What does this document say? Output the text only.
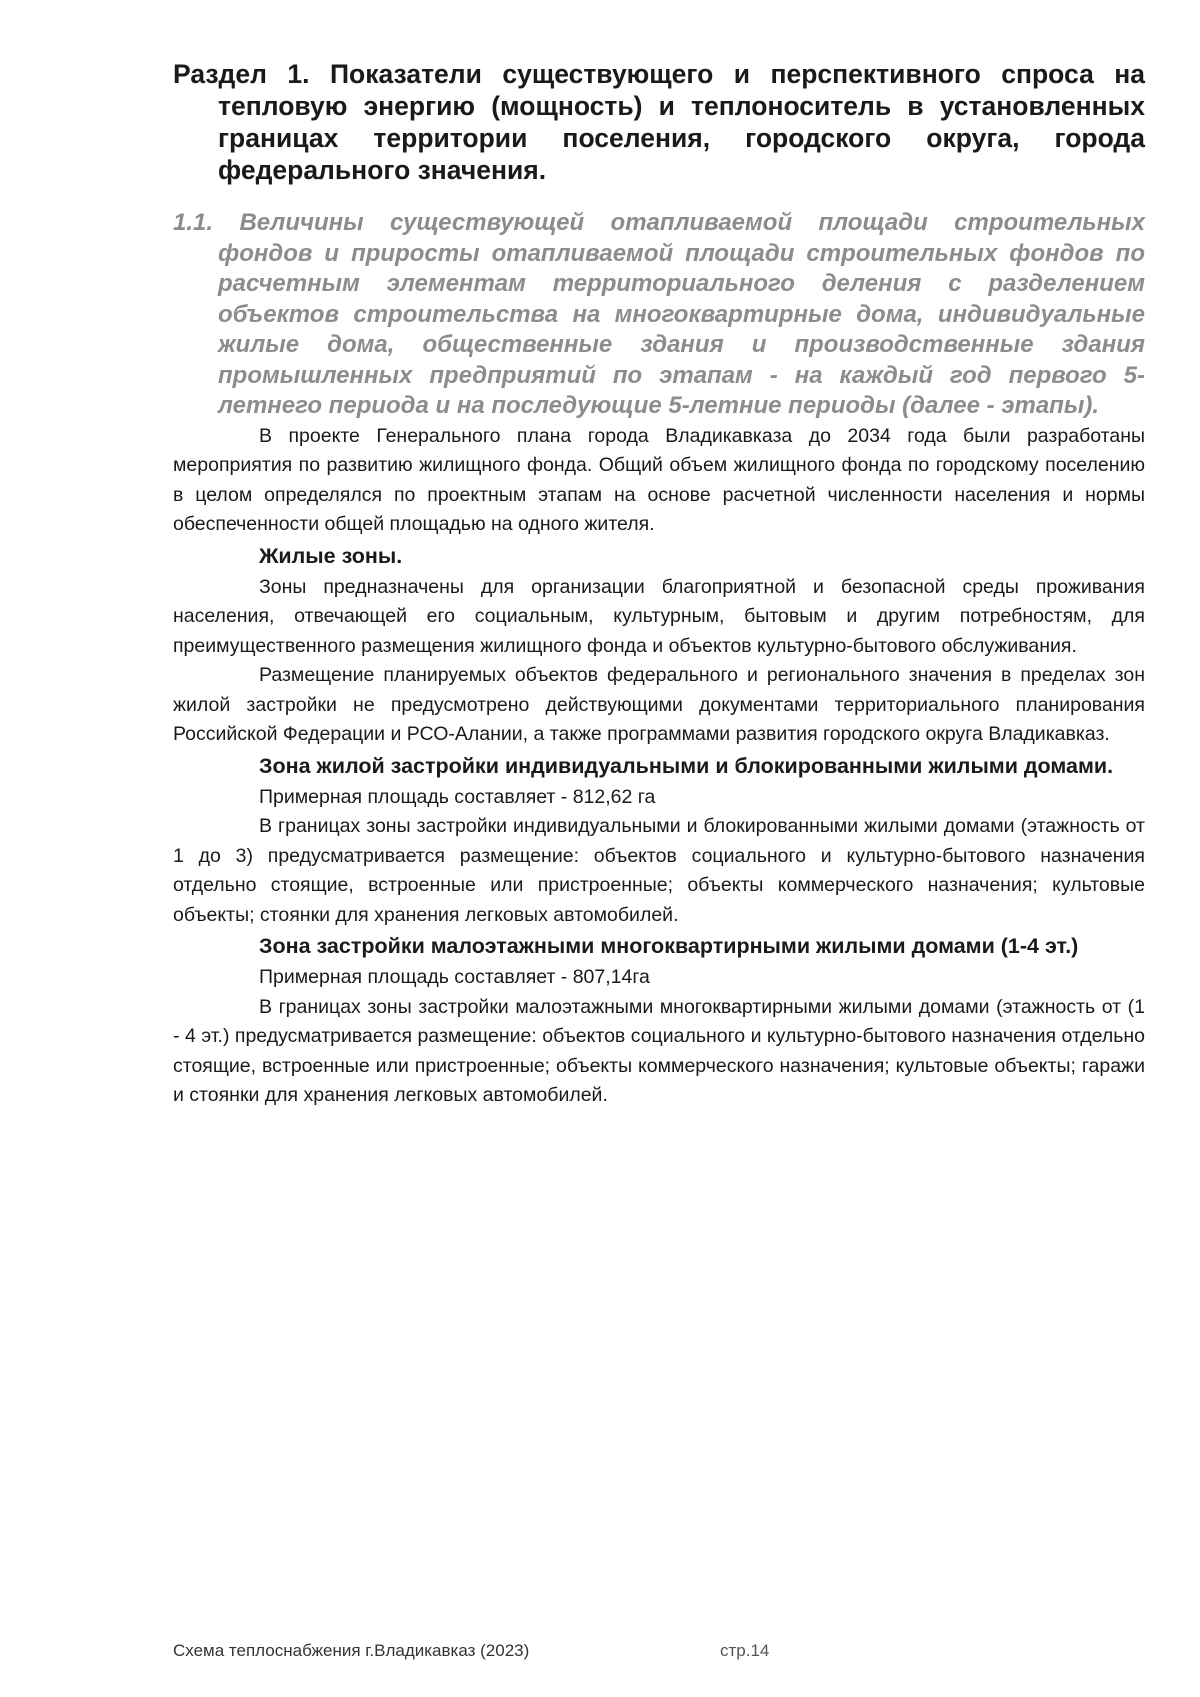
Раздел 1. Показатели существующего и перспективного спроса на тепловую энергию (мощность) и теплоноситель в установленных границах территории поселения, городского округа, города федерального значения.
1.1. Величины существующей отапливаемой площади строительных фондов и приросты отапливаемой площади строительных фондов по расчетным элементам территориального деления с разделением объектов строительства на многоквартирные дома, индивидуальные жилые дома, общественные здания и производственные здания промышленных предприятий по этапам - на каждый год первого 5-летнего периода и на последующие 5-летние периоды (далее - этапы).

В проекте Генерального плана города Владикавказа до 2034 года были разработаны мероприятия по развитию жилищного фонда. Общий объем жилищного фонда по городскому поселению в целом определялся по проектным этапам на основе расчетной численности населения и нормы обеспеченности общей площадью на одного жителя.

Жилые зоны.

Зоны предназначены для организации благоприятной и безопасной среды проживания населения, отвечающей его социальным, культурным, бытовым и другим потребностям, для преимущественного размещения жилищного фонда и объектов культурно-бытового обслуживания.

Размещение планируемых объектов федерального и регионального значения в пределах зон жилой застройки не предусмотрено действующими документами территориального планирования Российской Федерации и РСО-Алании, а также программами развития городского округа Владикавказ.

Зона жилой застройки индивидуальными и блокированными жилыми домами.

Примерная площадь составляет - 812,62 га

В границах зоны застройки индивидуальными и блокированными жилыми домами (этажность от 1 до 3) предусматривается размещение: объектов социального и культурно-бытового назначения отдельно стоящие, встроенные или пристроенные; объекты коммерческого назначения; культовые объекты; стоянки для хранения легковых автомобилей.

Зона застройки малоэтажными многоквартирными жилыми домами (1-4 эт.)

Примерная площадь составляет - 807,14га

В границах зоны застройки малоэтажными многоквартирными жилыми домами (этажность от (1 - 4 эт.) предусматривается размещение: объектов социального и культурно-бытового назначения отдельно стоящие, встроенные или пристроенные; объекты коммерческого назначения; культовые объекты; гаражи и стоянки для хранения легковых автомобилей.

Схема теплоснабжения г.Владикавказ (2023)	стр.14
